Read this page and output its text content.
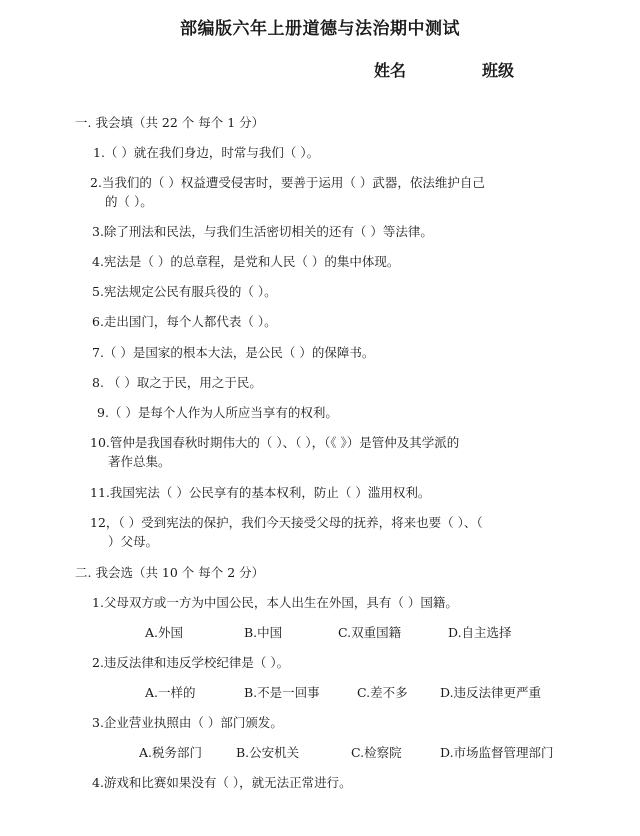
部编版六年上册道德与法治期中测试
姓名	班级
一. 我会填（共 22 个 每个 1 分）
1.（ ）就在我们身边，时常与我们（ ）。
2.当我们的（ ）权益遭受侵害时，要善于运用（ ）武器，依法维护自己
的（ ）。
3.除了刑法和民法，与我们生活密切相关的还有（ ）等法律。
4.宪法是（ ）的总章程，是党和人民（ ）的集中体现。
5.宪法规定公民有服兵役的（ ）。
6.走出国门，每个人都代表（ ）。
7.（ ）是国家的根本大法，是公民（ ）的保障书。
8. （ ）取之于民，用之于民。
9.（ ）是每个人作为人所应当享有的权利。
10.管仲是我国春秋时期伟大的（ ）、（ ），（《 》）是管仲及其学派的
著作总集。
11.我国宪法（ ）公民享有的基本权利，防止（ ）滥用权利。
12，（ ）受到宪法的保护，我们今天接受父母的抚养，将来也要（ ）、（
）父母。
二. 我会选（共 10 个 每个 2 分）
1.父母双方或一方为中国公民，本人出生在外国，具有（ ）国籍。
A.外国	B.中国	C.双重国籍	D.自主选择
2.违反法律和违反学校纪律是（ ）。
A.一样的	B.不是一回事	C.差不多	D.违反法律更严重
3.企业营业执照由（ ）部门颁发。
A.税务部门	B.公安机关	C.检察院	D.市场监督管理部门
4.游戏和比赛如果没有（ ），就无法正常进行。
